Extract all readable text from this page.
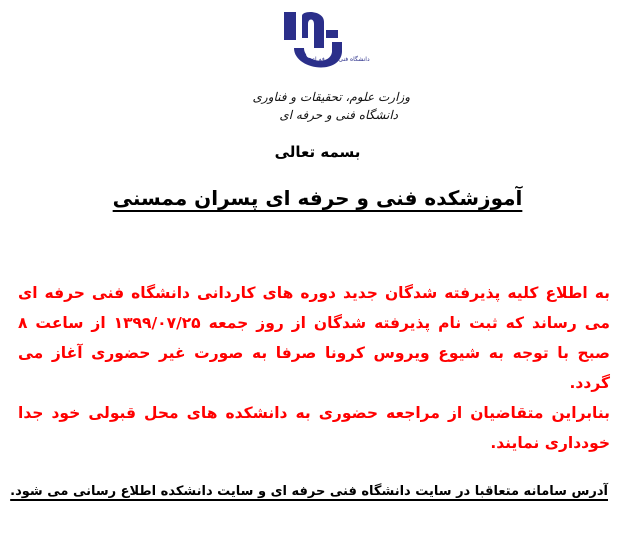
دانشگاه فنی و حرفه ای
وزارت علوم، تحقیقات و فناوری
دانشگاه فنی و حرفه ای
بسمه تعالی
آموزشکده فنی و حرفه ای پسران ممسنی

به اطلاع کلیه پذیرفته شدگان جدید دوره های کاردانی دانشگاه فنی حرفه ای می رساند که ثبت نام پذیرفته شدگان از روز جمعه ۱۳۹۹/۰۷/۲۵ از ساعت ۸ صبح با توجه به شیوع ویروس کرونا صرفا به صورت غیر حضوری آغاز می گردد.

بنابراین متقاضیان از مراجعه حضوری به دانشکده های محل قبولی خود جدا خودداری نمایند.

آدرس سامانه متعاقبا در سایت دانشگاه فنی حرفه ای و سایت دانشکده اطلاع رسانی می شود.
